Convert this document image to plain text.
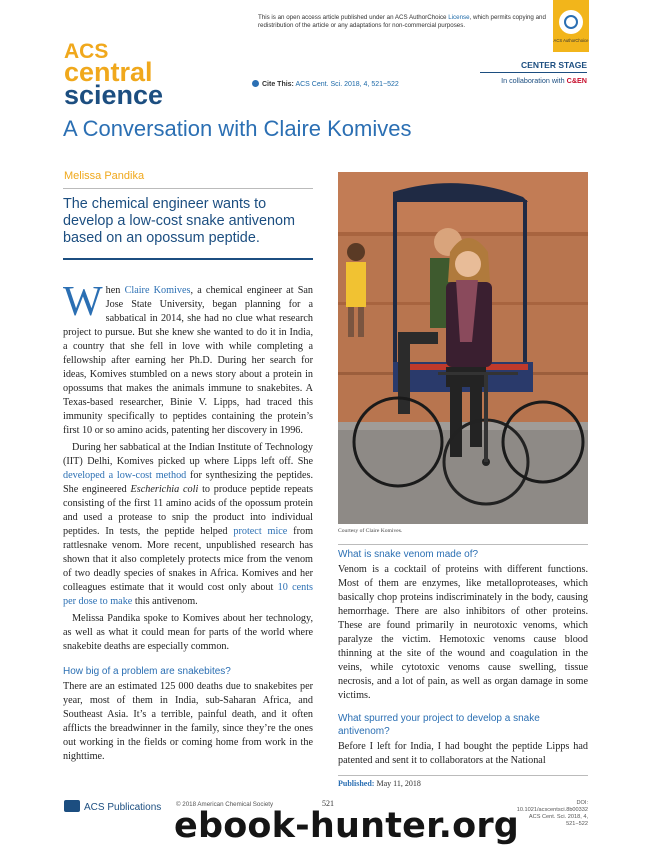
This is an open access article published under an ACS AuthorChoice License, which permits copying and redistribution of the article or any adaptations for non-commercial purposes.
ACS AuthorChoice
ACS
central
science	Cite This: ACS Cent. Sci. 2018, 4, 521−522
CENTER STAGE
In collaboration with C&EN
A Conversation with Claire Komives
Melissa Pandika
The chemical engineer wants to develop a low-cost snake antivenom based on an opossum peptide.

When Claire Komives, a chemical engineer at San Jose State University, began planning for a sabbatical in 2014, she had no clue what research project to pursue. But she knew she wanted to do it in India, a country that she fell in love with while completing a fellowship after earning her Ph.D. During her search for ideas, Komives stumbled on a news story about a protein in opossums that makes the animals immune to snakebites. A Texas-based researcher, Binie V. Lipps, had traced this immunity specifically to peptides containing the protein’s first 10 or so amino acids, patenting her discovery in 1996.

During her sabbatical at the Indian Institute of Technology (IIT) Delhi, Komives picked up where Lipps left off. She developed a low-cost method for synthesizing the peptides. She engineered Escherichia coli to produce peptide repeats consisting of the first 11 amino acids of the opossum protein and used a protease to snip the product into individual peptides. In tests, the peptide helped protect mice from rattlesnake venom. More recent, unpublished research has shown that it also completely protects mice from the venom of two deadly species of snakes in Africa. Komives and her colleagues estimate that it would cost only about 10 cents per dose to make this antivenom.

Melissa Pandika spoke to Komives about her technology, as well as what it could mean for parts of the world where snakebite deaths are especially common.

How big of a problem are snakebites?

There are an estimated 125 000 deaths due to snakebites per year, most of them in India, sub-Saharan Africa, and Southeast Asia. It’s a terrible, painful death, and it often afflicts the breadwinner in the family, since they’re the ones out working in the fields or coming home from work in the nighttime.

Courtesy of Claire Komives.

What is snake venom made of?

Venom is a cocktail of proteins with different functions. Most of them are enzymes, like metalloproteases, which basically chop proteins indiscriminately in the body, causing hemorrhage. There are also inhibitors of other proteins. These are found primarily in neurotoxic venoms, which paralyze the victim. Hemotoxic venoms cause blood thinning at the site of the wound and coagulation in the veins, while cytotoxic venoms cause swelling, tissue necrosis, and a lot of pain, as well as organ damage in some victims.

What spurred your project to develop a snake antivenom?

Before I left for India, I had bought the peptide Lipps had patented and sent it to collaborators at the National

Published: May 11, 2018
ACS Publications © 2018 American Chemical Society	521	DOI: 10.1021/acscentsci.8b00332
ACS Cent. Sci. 2018, 4, 521−522
ebook-hunter.org
